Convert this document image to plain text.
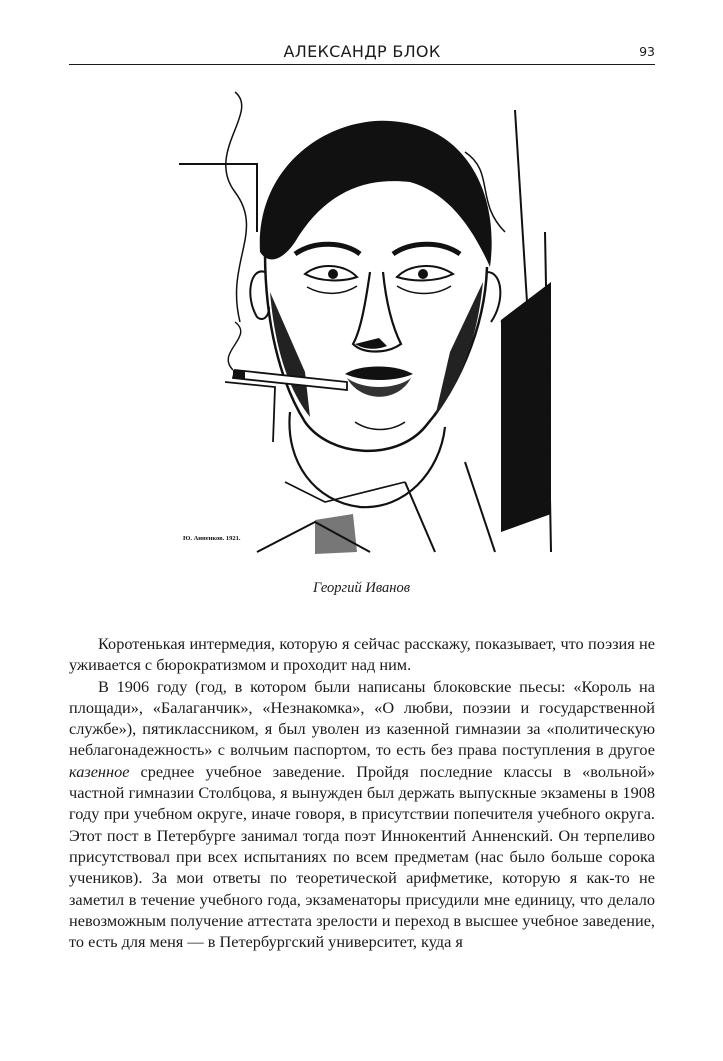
АЛЕКСАНДР БЛОК	93
Ю. Анненков. 1921.
Георгий Иванов

Коротенькая интермедия, которую я сейчас расскажу, показывает, что поэзия не уживается с бюрократизмом и проходит над ним.

В 1906 году (год, в котором были написаны блоковские пьесы: «Король на площади», «Балаганчик», «Незнакомка», «О любви, поэзии и государственной службе»), пятиклассником, я был уволен из казенной гимназии за «политическую неблагонадежность» с волчьим паспортом, то есть без права поступления в другое казенное среднее учебное заведение. Пройдя последние классы в «вольной» частной гимназии Столбцова, я вынужден был держать выпускные экзамены в 1908 году при учебном округе, иначе говоря, в присутствии попечителя учебного округа. Этот пост в Петербурге занимал тогда поэт Иннокентий Анненский. Он терпеливо присутствовал при всех испытаниях по всем предметам (нас было больше сорока учеников). За мои ответы по теоретической арифметике, которую я как-то не заметил в течение учебного года, экзаменаторы присудили мне единицу, что делало невозможным получение аттестата зрелости и переход в высшее учебное заведение, то есть для меня — в Петербургский университет, куда я
